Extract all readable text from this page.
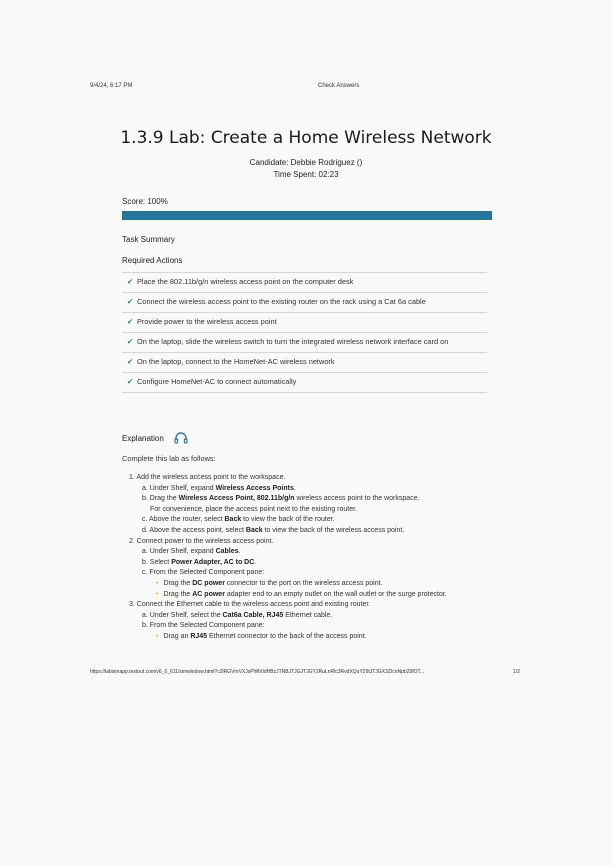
9/4/24, 6:17 PM	Check Answers
1.3.9 Lab: Create a Home Wireless Network
Candidate: Debbie Rodriguez ()
Time Spent: 02:23
Score: 100%
Task Summary
Required Actions
✔ Place the 802.11b/g/n wireless access point on the computer desk
✔ Connect the wireless access point to the existing router on the rack using a Cat 6a cable
✔ Provide power to the wireless access point
✔ On the laptop, slide the wireless switch to turn the integrated wireless network interface card on
✔ On the laptop, connect to the HomeNet-AC wireless network
✔ Configure HomeNet-AC to connect automatically
Explanation
Complete this lab as follows:
1. Add the wireless access point to the workspace.
a. Under Shelf, expand Wireless Access Points.
b. Drag the Wireless Access Point, 802.11b/g/n wireless access point to the workspace.
For convenience, place the access point next to the existing router.
c. Above the router, select Back to view the back of the router.
d. Above the access point, select Back to view the back of the wireless access point.
2. Connect power to the wireless access point.
a. Under Shelf, expand Cables.
b. Select Power Adapter, AC to DC.
c. From the Selected Component pane:
• Drag the DC power connector to the port on the wireless access point.
• Drag the AC power adapter end to an empty outlet on the wall outlet or the surge protector.
3. Connect the Ethernet cable to the wireless access point and existing router.
a. Under Shelf, select the Cat6a Cable, RJ45 Ethernet cable.
b. From the Selected Component pane:
• Drag an RJ45 Ethernet connector to the back of the access point.
https://labsimapp.testout.com/v6_0_611/simwindow.html?c2lRGVmVXJsPWh0dHBzJTNBJTJGJTJGY2RuLnRlc3RvdXQuY29tJTJGX3ZIcnNpb25fOT...	1/2
